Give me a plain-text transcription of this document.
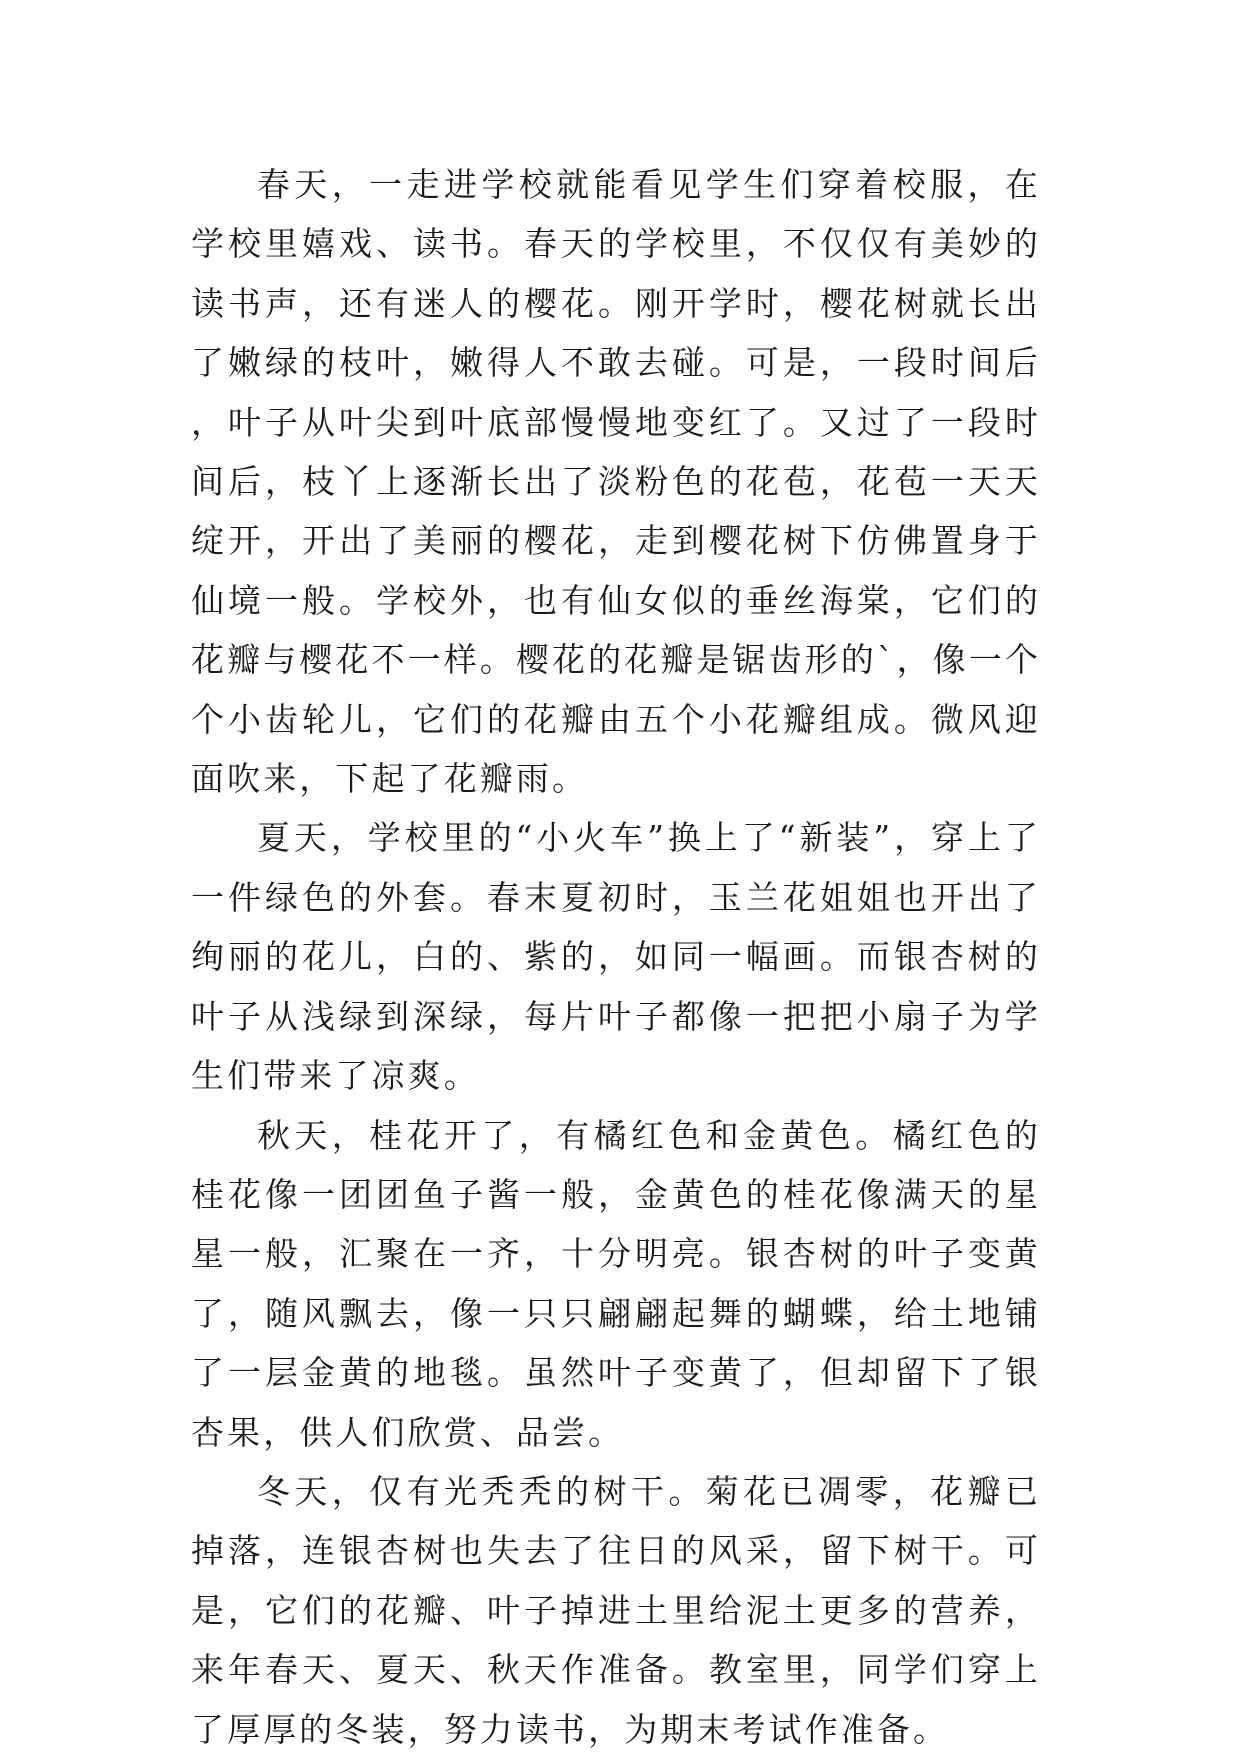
春天，一走进学校就能看见学生们穿着校服，在学校里嬉戏、读书。春天的学校里，不仅仅有美妙的读书声，还有迷人的樱花。刚开学时，樱花树就长出了嫩绿的枝叶，嫩得人不敢去碰。可是，一段时间后，叶子从叶尖到叶底部慢慢地变红了。又过了一段时间后，枝丫上逐渐长出了淡粉色的花苞，花苞一天天绽开，开出了美丽的樱花，走到樱花树下仿佛置身于仙境一般。学校外，也有仙女似的垂丝海棠，它们的花瓣与樱花不一样。樱花的花瓣是锯齿形的`，像一个个小齿轮儿，它们的花瓣由五个小花瓣组成。微风迎面吹来，下起了花瓣雨。

夏天，学校里的“小火车”换上了“新装”，穿上了一件绿色的外套。春末夏初时，玉兰花姐姐也开出了绚丽的花儿，白的、紫的，如同一幅画。而银杏树的叶子从浅绿到深绿，每片叶子都像一把把小扇子为学生们带来了凉爽。

秋天，桂花开了，有橘红色和金黄色。橘红色的桂花像一团团鱼子酱一般，金黄色的桂花像满天的星星一般，汇聚在一齐，十分明亮。银杏树的叶子变黄了，随风飘去，像一只只翩翩起舞的蝴蝶，给土地铺了一层金黄的地毯。虽然叶子变黄了，但却留下了银杏果，供人们欣赏、品尝。

冬天，仅有光秃秃的树干。菊花已凋零，花瓣已掉落，连银杏树也失去了往日的风采，留下树干。可是，它们的花瓣、叶子掉进土里给泥土更多的营养，来年春天、夏天、秋天作准备。教室里，同学们穿上了厚厚的冬装，努力读书，为期末考试作准备。
